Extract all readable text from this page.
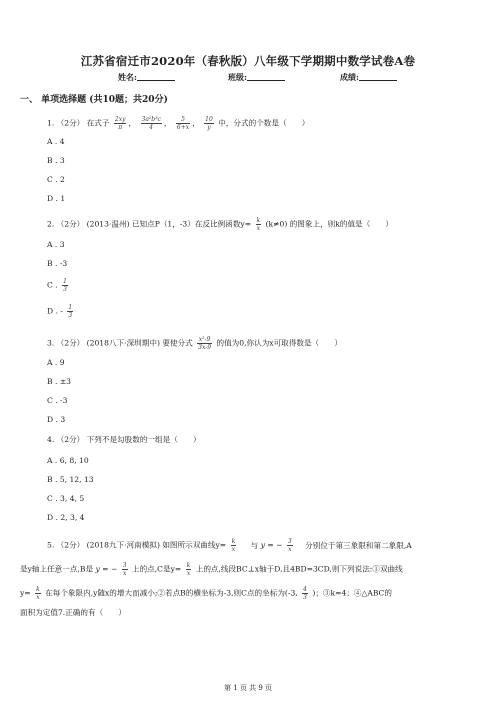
江苏省宿迁市2020年（春秋版）八年级下学期期中数学试卷A卷
姓名:	班级:	成绩:
一、 单项选择题 (共10题；共20分)
1. （2分） 在式子 $\frac{2xy}{\pi}$ ， $\frac{\text{3a²b³c}}{4}$ ， $\frac{5}{6+x}$ ， $\frac{10}{y}$ 中，分式的个数是（　　）
A . 4
B . 3
C . 2
D . 1
2. （2分） (2013·温州) 已知点P（1，-3）在反比例函数$y= \frac{k}{x} (k\ne 0)$ 的图象上，则k的值是（　　）
A . 3
B . -3
C . $\frac{1}{3}$
D . - $\frac{1}{3}$
3. （2分） (2018八下·深圳期中) 要使分式 $\frac{\text{x²-9}}{3x-9}$ 的值为0,你认为x可取得数是（　　）
A . 9
B . ±3
C . -3
D . 3
4. （2分） 下列不是勾股数的一组是（　　）
A . 6, 8, 10
B . 5, 12, 13
C . 3, 4, 5
D . 2, 3, 4
5. （2分） (2018九下·河南模拟) 如图所示双曲线$y= \frac{k}{x}$ 与 y = − $\frac{3}{x}$ 分别位于第三象限和第二象限,A
是y轴上任意一点,B是 y = − $\frac{3}{x}$ 上的点,C是$y= \frac{k}{x}$ 上的点,线段BC⊥x轴于D,且4BD=3CD,则下列说法:①双曲线
$y= \frac{k}{x}$ 在每个象限内,y随x的增大而减小;②若点B的横坐标为-3,则C点的坐标为(-3, $\frac{4}{3}$ )；③k=4；④△ABC的
面积为定值7.正确的有（　　）
第 1 页 共 9 页
